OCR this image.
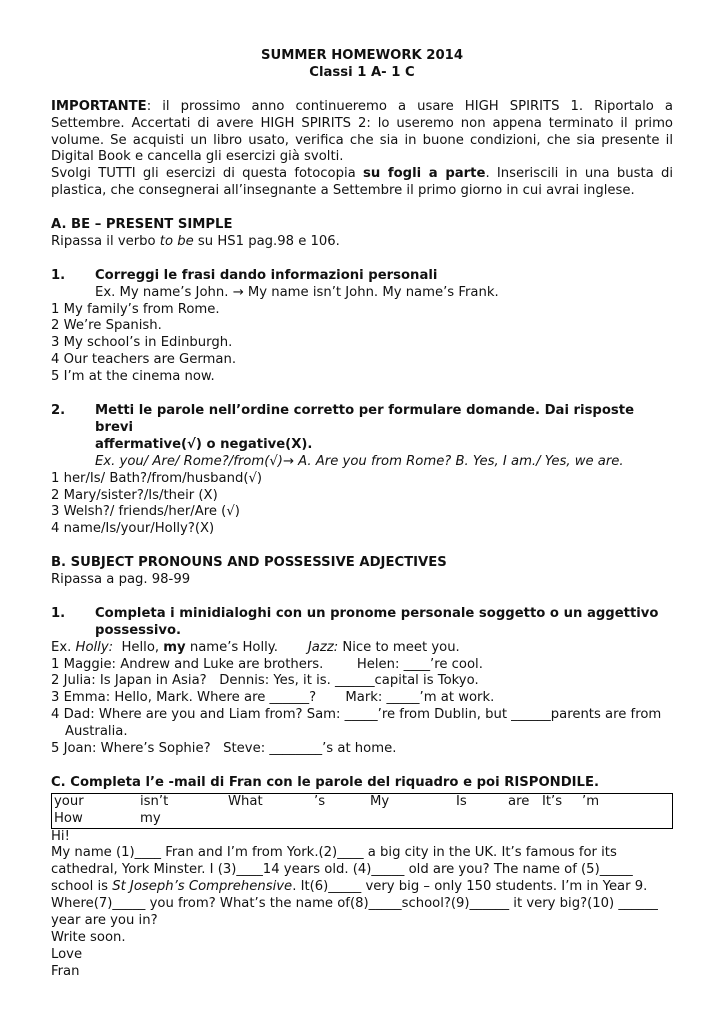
SUMMER HOMEWORK 2014
Classi 1 A- 1 C
IMPORTANTE: il prossimo anno continueremo a usare HIGH SPIRITS 1. Riportalo a Settembre. Accertati di avere HIGH SPIRITS 2: lo useremo non appena terminato il primo volume. Se acquisti un libro usato, verifica che sia in buone condizioni, che sia presente il Digital Book e cancella gli esercizi già svolti.
Svolgi TUTTI gli esercizi di questa fotocopia su fogli a parte. Inseriscili in una busta di plastica, che consegnerai all’insegnante a Settembre il primo giorno in cui avrai inglese.
A. BE – PRESENT SIMPLE
Ripassa il verbo to be su HS1 pag.98 e 106.
1.	Correggi le frasi dando informazioni personali
Ex. My name’s John. → My name isn’t John. My name’s Frank.
1 My family’s from Rome.
2 We’re Spanish.
3 My school’s in Edinburgh.
4 Our teachers are German.
5 I’m at the cinema now.
2.	Metti le parole nell’ordine corretto per formulare domande. Dai risposte brevi
affermative(√) o negative(X).
Ex. you/ Are/ Rome?/from(√)→ A. Are you from Rome? B. Yes, I am./ Yes, we are.
1 her/Is/ Bath?/from/husband(√)
2 Mary/sister?/Is/their (X)
3 Welsh?/ friends/her/Are (√)
4 name/Is/your/Holly?(X)
B. SUBJECT PRONOUNS AND POSSESSIVE ADJECTIVES
Ripassa a pag. 98-99
1.	Completa i minidialoghi con un pronome personale soggetto o un aggettivo
possessivo.
Ex. Holly:  Hello, my name’s Holly. Jazz: Nice to meet you.
1 Maggie: Andrew and Luke are brothers.        Helen: ____’re cool.
2 Julia: Is Japan in Asia?   Dennis: Yes, it is. ______capital is Tokyo.
3 Emma: Hello, Mark. Where are ______?       Mark: _____’m at work.
4 Dad: Where are you and Liam from? Sam: _____’re from Dublin, but ______parents are from Australia.
5 Joan: Where’s Sophie?   Steve: ________’s at home.
C. Completa l’e -mail di Fran con le parole del riquadro e poi RISPONDILE.
your	isn’t	What	’s	My	Is	are It’s	’m
How	my
Hi!
My name (1)____ Fran and I’m from York.(2)____ a big city in the UK. It’s famous for its cathedral, York Minster. I (3)____14 years old. (4)_____ old are you? The name of (5)_____ school is St Joseph’s Comprehensive. It(6)_____ very big – only 150 students. I’m in Year 9. Where(7)_____ you from? What’s the name of(8)_____school?(9)______ it very big?(10) ______ year are you in?
Write soon.
Love
Fran
